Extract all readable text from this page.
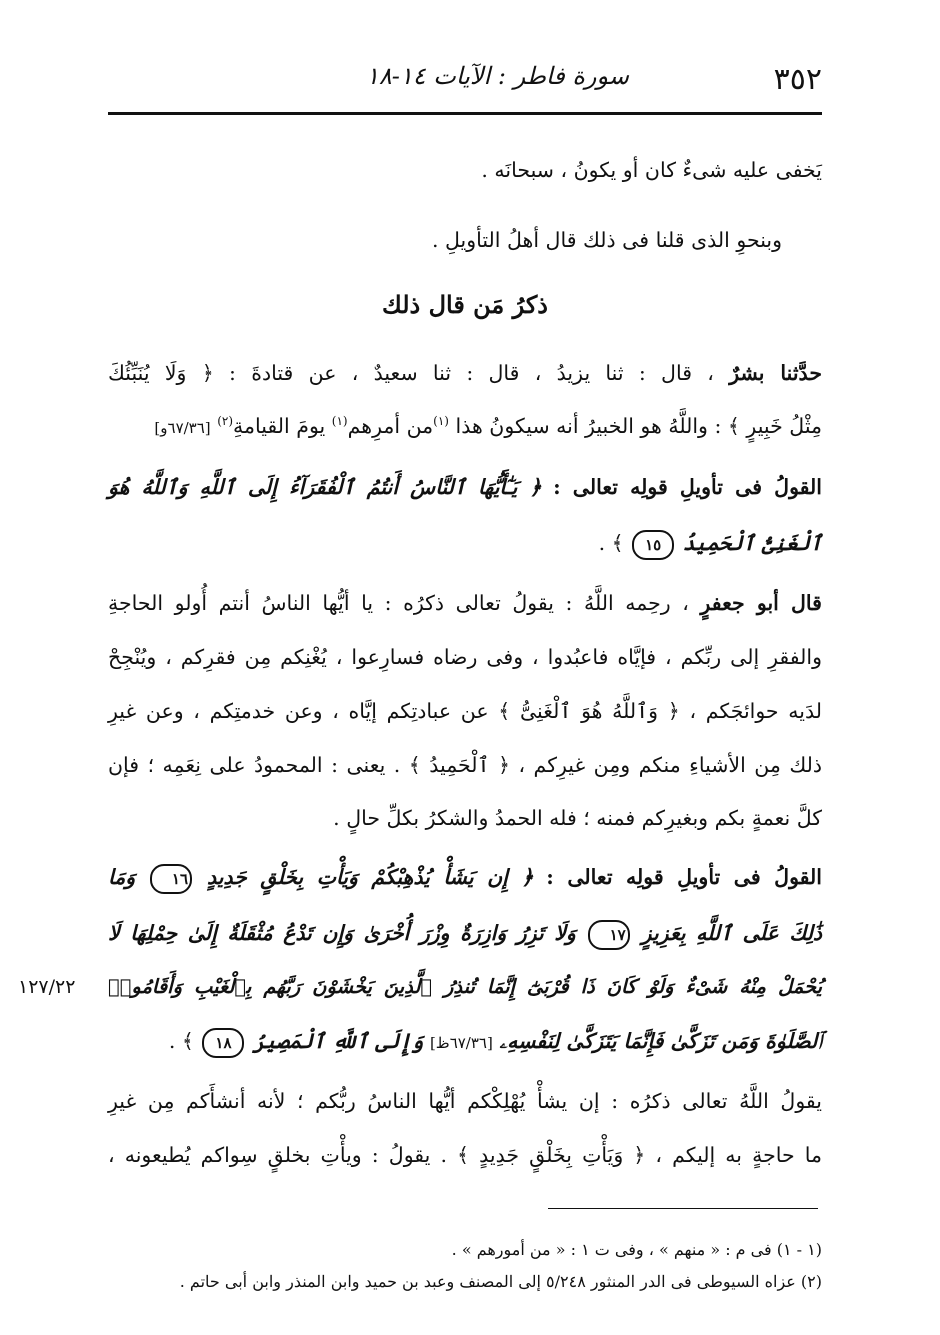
٣٥٢
سورة فاطر : الآيات ١٤-١٨
يَخفى عليه شىءٌ كان أو يكونُ ، سبحانَه .
وبنحوِ الذى قلنا فى ذلك قال أهلُ التأويلِ .
ذكرُ مَن قال ذلك
حدَّثنا بشرٌ ، قال : ثنا يزيدُ ، قال : ثنا سعيدٌ ، عن قتادةَ : ﴿ وَلَا يُنَبِّئُكَ
مِثْلُ خَبِيرٍ ﴾ : واللَّهُ هو الخبيرُ أنه سيكونُ هذا $^{(١)}$من أمرِهم$^{(١)}$ يومَ القيامةِ$^{(٢)}$ [٦٧/٣٦و]
القولُ فى تأويلِ قولِه تعالى : ﴿ يَـٰٓأَيُّهَا ٱلنَّاسُ أَنتُمُ ٱلْفُقَرَآءُ إِلَى ٱللَّهِ وَٱللَّهُ هُوَ
ٱلْغَنِىُّ ٱلْحَمِيدُ ١٥ ﴾ .
قال أبو جعفرٍ ، رحِمه اللَّهُ : يقولُ تعالى ذكرُه : يا أيُّها الناسُ أنتم أُولو الحاجةِ
والفقرِ إلى ربِّكم ، فإيَّاه فاعبُدوا ، وفى رضاه فسارِعوا ، يُغْنِكم مِن فقرِكم ، ويُنْجِحْ
لدَيه حوائجَكم ، ﴿ وَٱللَّهُ هُوَ ٱلْغَنِىُّ ﴾ عن عبادتِكم إيَّاه ، وعن خدمتِكم ، وعن غيرِ
ذلك مِن الأشياءِ منكم ومِن غيرِكم ، ﴿ ٱلْحَمِيدُ ﴾ . يعنى : المحمودُ على نِعَمِه ؛ فإن
كلَّ نعمةٍ بكم وبغيرِكم فمنه ؛ فله الحمدُ والشكرُ بكلِّ حالٍ .
القولُ فى تأويلِ قولِه تعالى : ﴿ إِن يَشَأْ يُذْهِبْكُمْ وَيَأْتِ بِخَلْقٍ جَدِيدٍ ١٦ وَمَا
ذَٰلِكَ عَلَى ٱللَّهِ بِعَزِيزٍ ١٧ وَلَا تَزِرُ وَازِرَةٌ وِزْرَ أُخْرَىٰ وَإِن تَدْعُ مُثْقَلَةٌ إِلَىٰ حِمْلِهَا لَا
يُحْمَلْ مِنْهُ شَىْءٌ وَلَوْ كَانَ ذَا قُرْبَىٰٓ إِنَّمَا تُنذِرُ ٱلَّذِينَ يَخْشَوْنَ رَبَّهُم بِٱلْغَيْبِ وَأَقَامُوا۟
ٱلصَّلَوٰةَ وَمَن تَزَكَّىٰ فَإِنَّمَا يَتَزَكَّىٰ لِنَفْسِهِۦ [٦٧/٣٦ظ] وَإِلَى ٱللَّهِ ٱلْمَصِيرُ ١٨ ﴾ .
يقولُ اللَّهُ تعالى ذكرُه : إن يشأْ يُهْلِكْكم أيُّها الناسُ ربُّكم ؛ لأنه أنشأَكم مِن غيرِ
ما حاجةٍ به إليكم ، ﴿ وَيَأْتِ بِخَلْقٍ جَدِيدٍ ﴾ . يقولُ : ويأْتِ بخلقٍ سِواكم يُطيعونه ،
١٢٧/٢٢
(١ - ١) فى م : « منهم » ، وفى ت ١ : « من أمورهم » .
(٢) عزاه السيوطى فى الدر المنثور ٥/٢٤٨ إلى المصنف وعبد بن حميد وابن المنذر وابن أبى حاتم .
